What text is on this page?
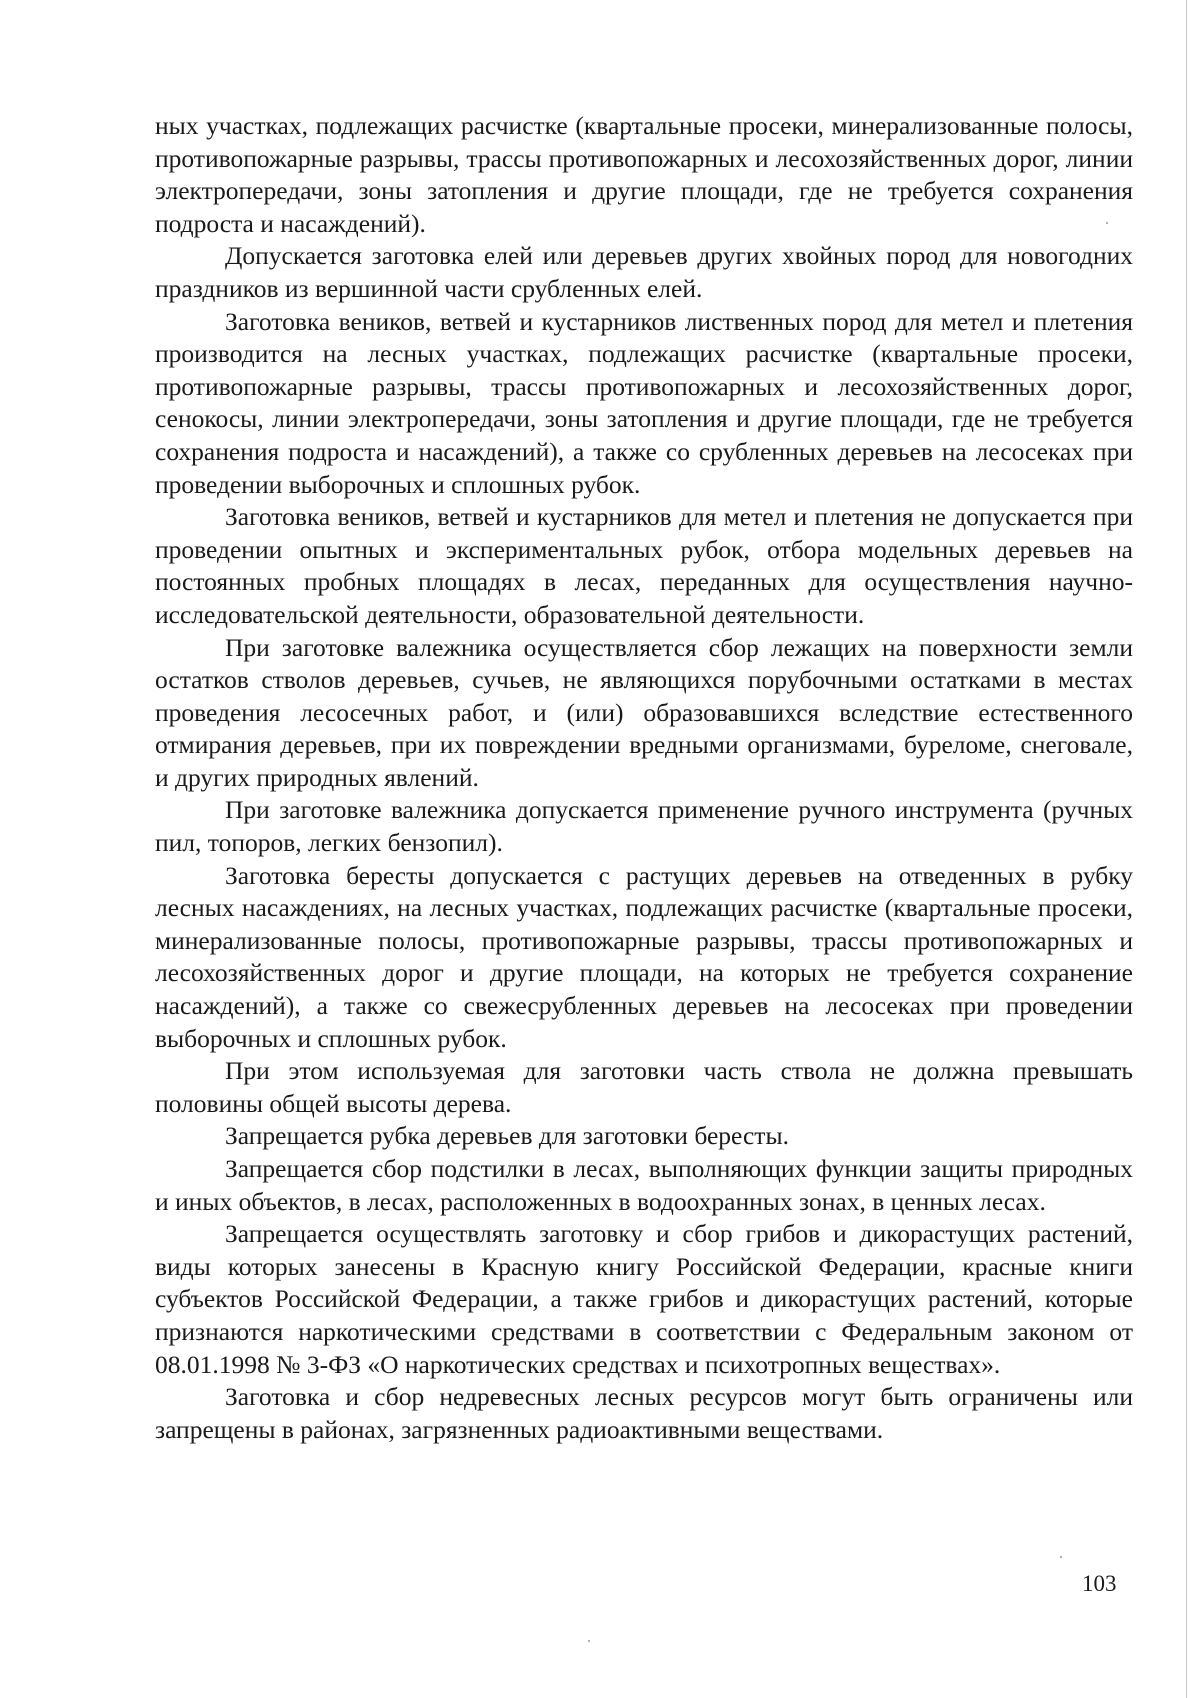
ных участках, подлежащих расчистке (квартальные просеки, минерализованные полосы, противопожарные разрывы, трассы противопожарных и лесохозяйственных дорог, линии электропередачи, зоны затопления и другие площади, где не требуется сохранения подроста и насаждений).

Допускается заготовка елей или деревьев других хвойных пород для новогодних праздников из вершинной части срубленных елей.

Заготовка веников, ветвей и кустарников лиственных пород для метел и плетения производится на лесных участках, подлежащих расчистке (квартальные просеки, противопожарные разрывы, трассы противопожарных и лесохозяйственных дорог, сенокосы, линии электропередачи, зоны затопления и другие площади, где не требуется сохранения подроста и насаждений), а также со срубленных деревьев на лесосеках при проведении выборочных и сплошных рубок.

Заготовка веников, ветвей и кустарников для метел и плетения не допускается при проведении опытных и экспериментальных рубок, отбора модельных деревьев на постоянных пробных площадях в лесах, переданных для осуществления научно-исследовательской деятельности, образовательной деятельности.

При заготовке валежника осуществляется сбор лежащих на поверхности земли остатков стволов деревьев, сучьев, не являющихся порубочными остатками в местах проведения лесосечных работ, и (или) образовавшихся вследствие естественного отмирания деревьев, при их повреждении вредными организмами, буреломе, снеговале, и других природных явлений.

При заготовке валежника допускается применение ручного инструмента (ручных пил, топоров, легких бензопил).

Заготовка бересты допускается с растущих деревьев на отведенных в рубку лесных насаждениях, на лесных участках, подлежащих расчистке (квартальные просеки, минерализованные полосы, противопожарные разрывы, трассы противопожарных и лесохозяйственных дорог и другие площади, на которых не требуется сохранение насаждений), а также со свежесрубленных деревьев на лесосеках при проведении выборочных и сплошных рубок.

При этом используемая для заготовки часть ствола не должна превышать половины общей высоты дерева.

Запрещается рубка деревьев для заготовки бересты.

Запрещается сбор подстилки в лесах, выполняющих функции защиты природных и иных объектов, в лесах, расположенных в водоохранных зонах, в ценных лесах.

Запрещается осуществлять заготовку и сбор грибов и дикорастущих растений, виды которых занесены в Красную книгу Российской Федерации, красные книги субъектов Российской Федерации, а также грибов и дикорастущих растений, которые признаются наркотическими средствами в соответствии с Федеральным законом от 08.01.1998 № 3-ФЗ «О наркотических средствах и психотропных веществах».

Заготовка и сбор недревесных лесных ресурсов могут быть ограничены или запрещены в районах, загрязненных радиоактивными веществами.

103
